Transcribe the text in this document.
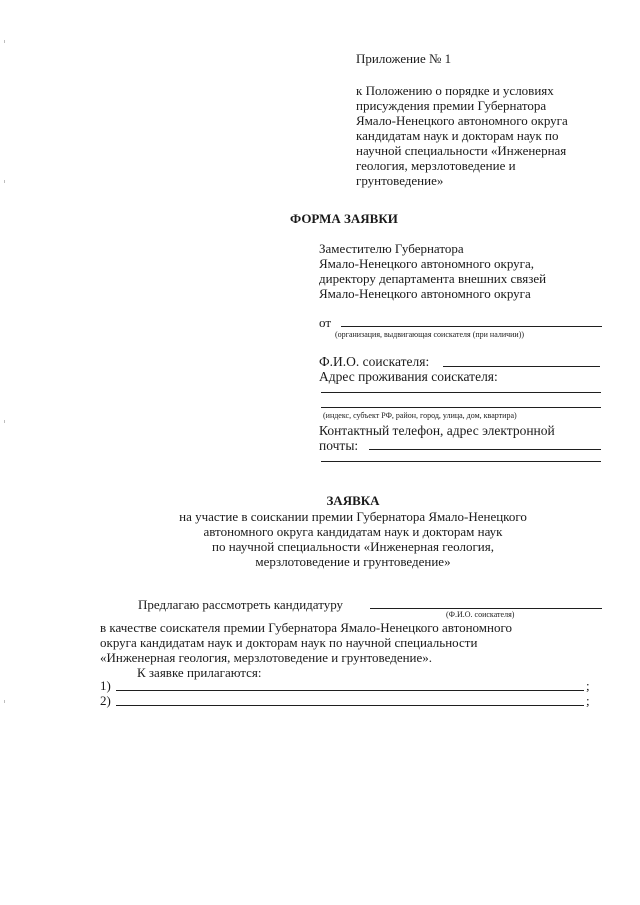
Приложение № 1
к Положению о порядке и условиях
присуждения премии Губернатора
Ямало-Ненецкого автономного округа
кандидатам наук и докторам наук по
научной специальности «Инженерная
геология, мерзлотоведение и
грунтоведение»
ФОРМА ЗАЯВКИ
Заместителю Губернатора
Ямало-Ненецкого автономного округа,
директору департамента внешних связей
Ямало-Ненецкого автономного округа
от
(организация, выдвигающая соискателя (при наличии))
Ф.И.О. соискателя:
Адрес проживания соискателя:
(индекс, субъект РФ, район, город, улица, дом, квартира)
Контактный телефон, адрес электронной
почты:
ЗАЯВКА
на участие в соискании премии Губернатора Ямало-Ненецкого
автономного округа кандидатам наук и докторам наук
по научной специальности «Инженерная геология,
мерзлотоведение и грунтоведение»
Предлагаю рассмотреть кандидатуру
(Ф.И.О. соискателя)
в качестве соискателя премии Губернатора Ямало-Ненецкого автономного
округа кандидатам наук и докторам наук по научной специальности
«Инженерная геология, мерзлотоведение и грунтоведение».
К заявке прилагаются:
1)	;
2)	;
